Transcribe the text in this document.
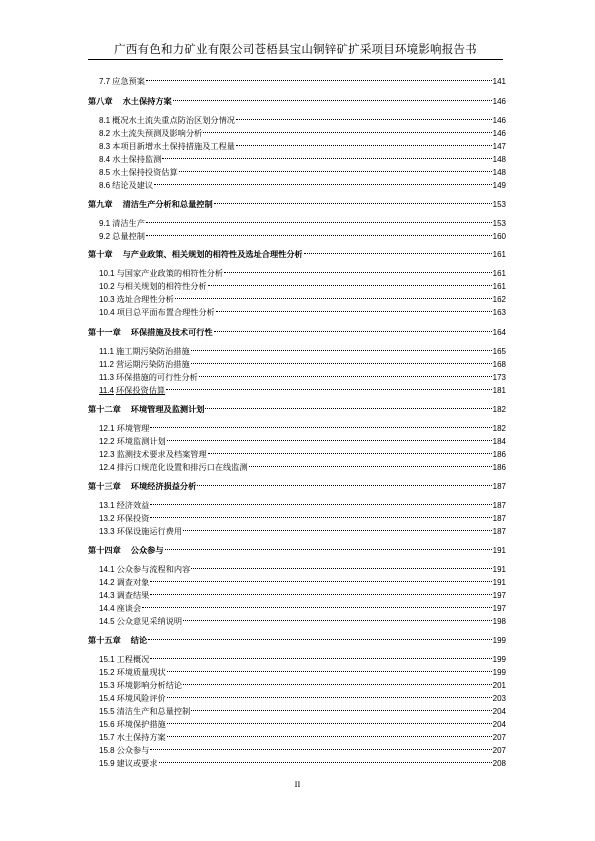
广西有色和力矿业有限公司苍梧县宝山铜锌矿扩采项目环境影响报告书
7.7 应急预案	141
第八章 水土保持方案	146
8.1 概况水土流失重点防治区划分情况	146
8.2 水土流失预测及影响分析	146
8.3 本项目新增水土保持措施及工程量	147
8.4 水土保持监测	148
8.5 水土保持投资估算	148
8.6 结论及建议	149
第九章 清洁生产分析和总量控制	153
9.1 清洁生产	153
9.2 总量控制	160
第十章 与产业政策、相关规划的相符性及选址合理性分析	161
10.1 与国家产业政策的相符性分析	161
10.2 与相关规划的相符性分析	161
10.3 选址合理性分析	162
10.4 项目总平面布置合理性分析	163
第十一章 环保措施及技术可行性	164
11.1 施工期污染防治措施	165
11.2 营运期污染防治措施	168
11.3 环保措施的可行性分析	173
11.4 环保投资估算	181
第十二章 环境管理及监测计划	182
12.1 环境管理	182
12.2 环境监测计划	184
12.3 监测技术要求及档案管理	186
12.4 排污口规范化设置和排污口在线监测	186
第十三章 环境经济损益分析	187
13.1 经济效益	187
13.2 环保投资	187
13.3 环保设施运行费用	187
第十四章 公众参与	191
14.1 公众参与流程和内容	191
14.2 调查对象	191
14.3 调查结果	197
14.4 座谈会	197
14.5 公众意见采纳说明	198
第十五章 结论	199
15.1 工程概况	199
15.2 环境质量现状	199
15.3 环境影响分析结论	201
15.4 环境风险评价	203
15.5 清洁生产和总量控制	204
15.6 环境保护措施	204
15.7 水土保持方案	207
15.8 公众参与	207
15.9 建议或要求	208
II
